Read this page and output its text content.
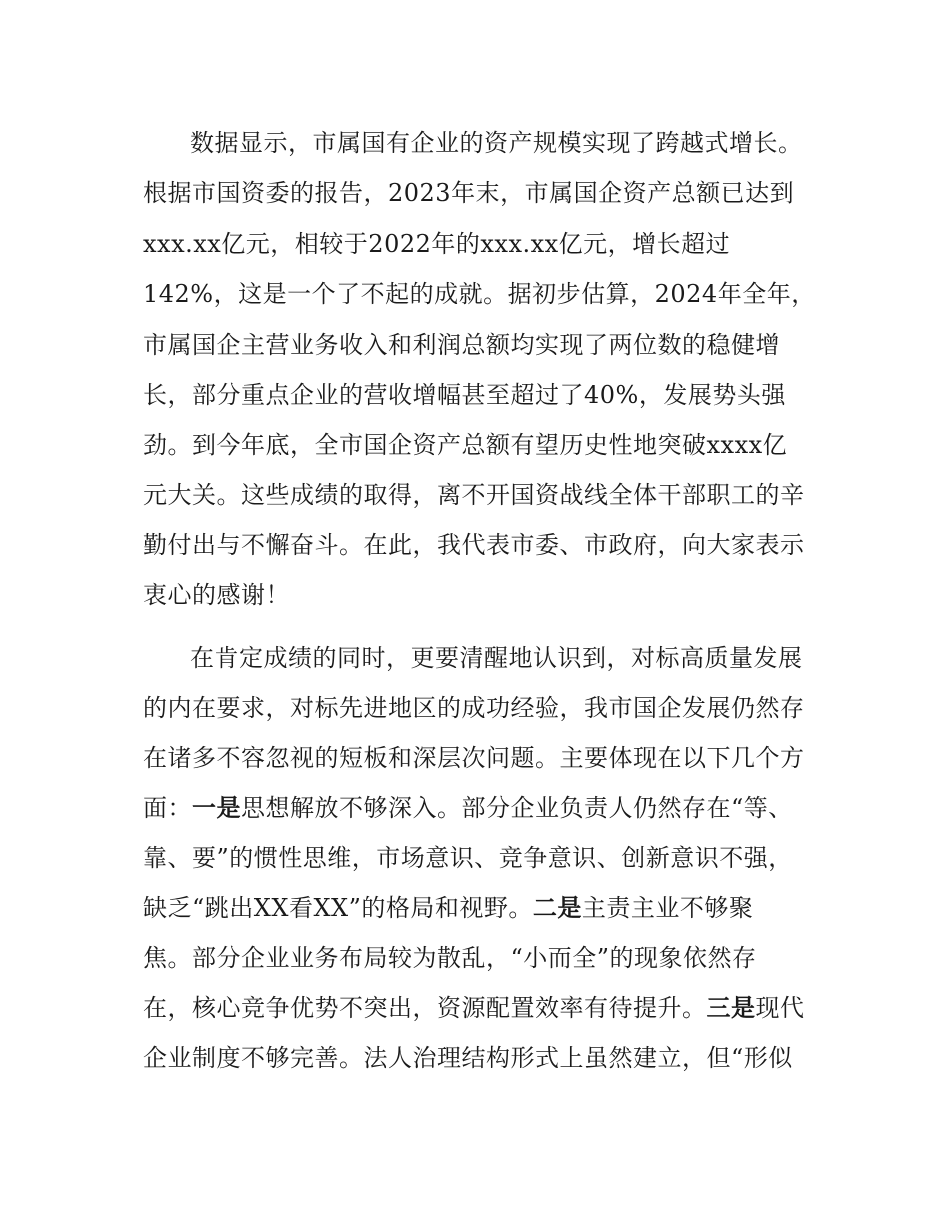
数据显示，市属国有企业的资产规模实现了跨越式增长。
根据市国资委的报告，2023年末，市属国企资产总额已达到
xxx.xx亿元，相较于2022年的xxx.xx亿元，增长超过
142%，这是一个了不起的成就。据初步估算，2024年全年，
市属国企主营业务收入和利润总额均实现了两位数的稳健增
长，部分重点企业的营收增幅甚至超过了40%，发展势头强
劲。到今年底，全市国企资产总额有望历史性地突破xxxx亿
元大关。这些成绩的取得，离不开国资战线全体干部职工的辛
勤付出与不懈奋斗。在此，我代表市委、市政府，向大家表示
衷心的感谢！
在肯定成绩的同时，更要清醒地认识到，对标高质量发展
的内在要求，对标先进地区的成功经验，我市国企发展仍然存
在诸多不容忽视的短板和深层次问题。主要体现在以下几个方
面：一是思想解放不够深入。部分企业负责人仍然存在“等、
靠、要”的惯性思维，市场意识、竞争意识、创新意识不强，
缺乏“跳出XX看XX”的格局和视野。二是主责主业不够聚
焦。部分企业业务布局较为散乱，“小而全”的现象依然存
在，核心竞争优势不突出，资源配置效率有待提升。三是现代
企业制度不够完善。法人治理结构形式上虽然建立，但“形似
